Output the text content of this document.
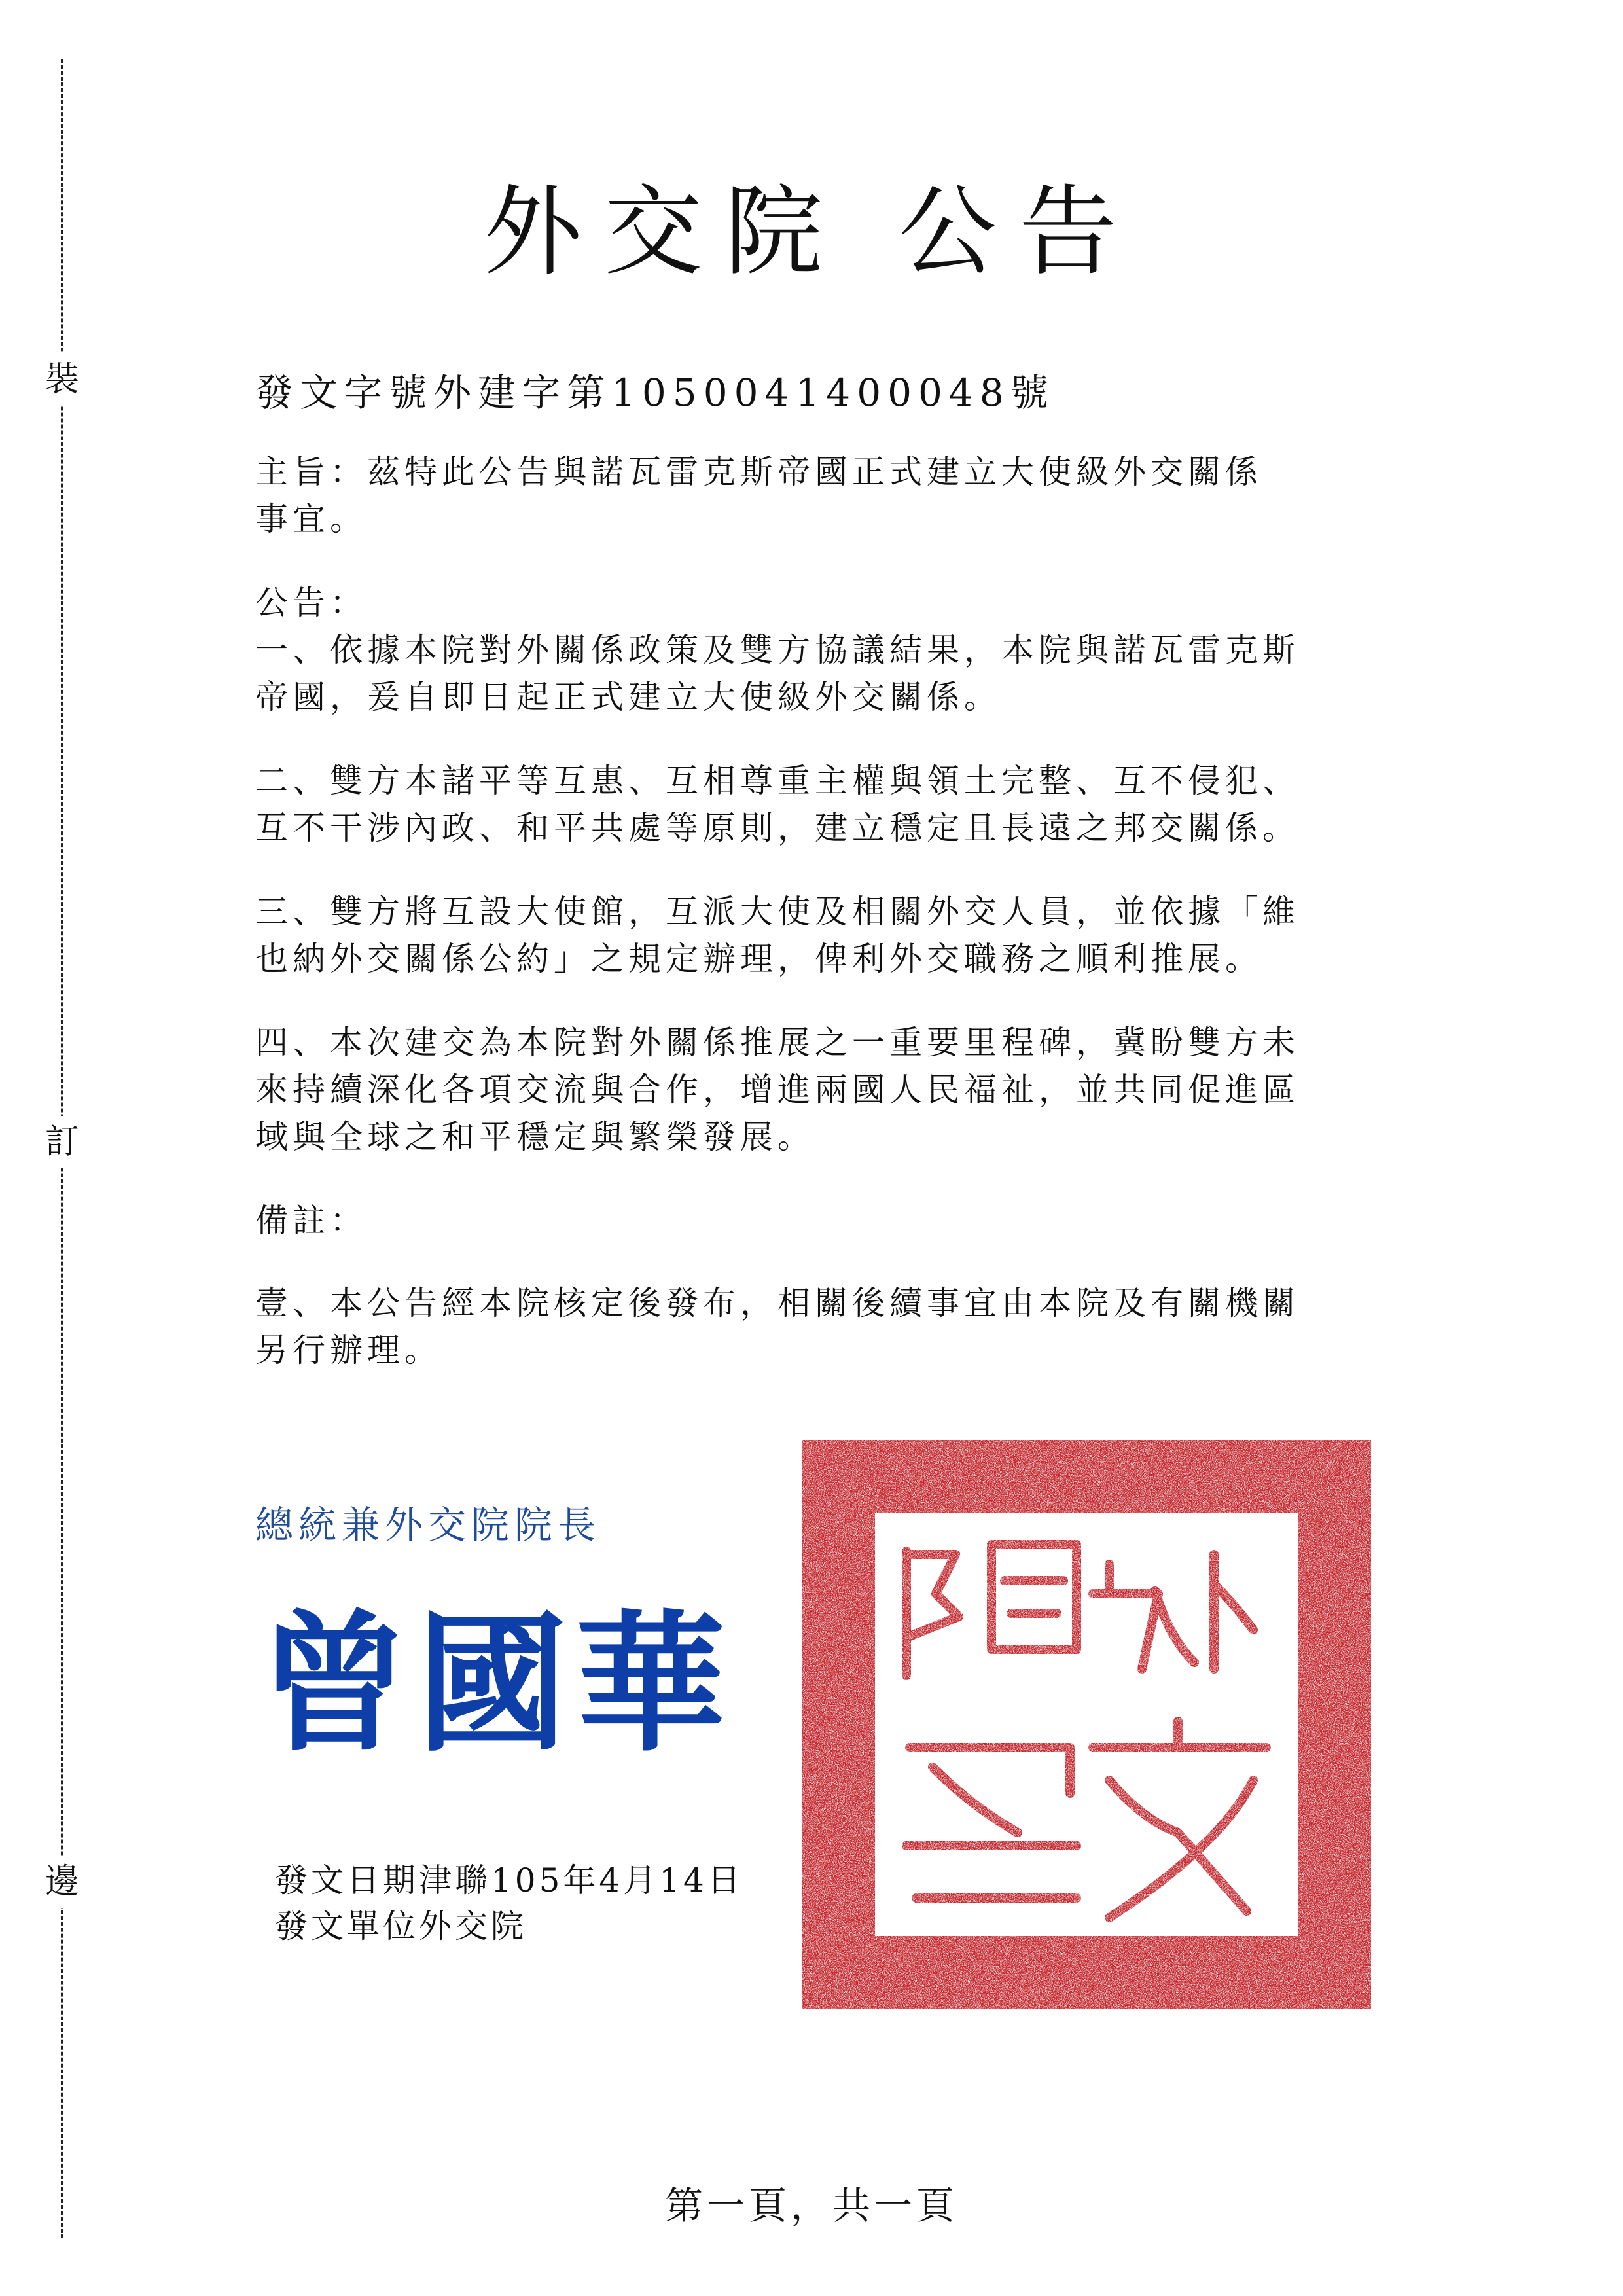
裝
訂
邊
外交院 公告
發文字號外建字第1050041400048號
主旨：茲特此公告與諾瓦雷克斯帝國正式建立大使級外交關係
事宜。
公告：
一、依據本院對外關係政策及雙方協議結果，本院與諾瓦雷克斯
帝國，爰自即日起正式建立大使級外交關係。
二、雙方本諸平等互惠、互相尊重主權與領土完整、互不侵犯、
互不干涉內政、和平共處等原則，建立穩定且長遠之邦交關係。
三、雙方將互設大使館，互派大使及相關外交人員，並依據「維
也納外交關係公約」之規定辦理，俾利外交職務之順利推展。
四、本次建交為本院對外關係推展之一重要里程碑，冀盼雙方未
來持續深化各項交流與合作，增進兩國人民福祉，並共同促進區
域與全球之和平穩定與繁榮發展。
備註：
壹、本公告經本院核定後發布，相關後續事宜由本院及有關機關
另行辦理。
總統兼外交院院長
曾國華
發文日期津聯105年4月14日
發文單位外交院
第一頁，共一頁
